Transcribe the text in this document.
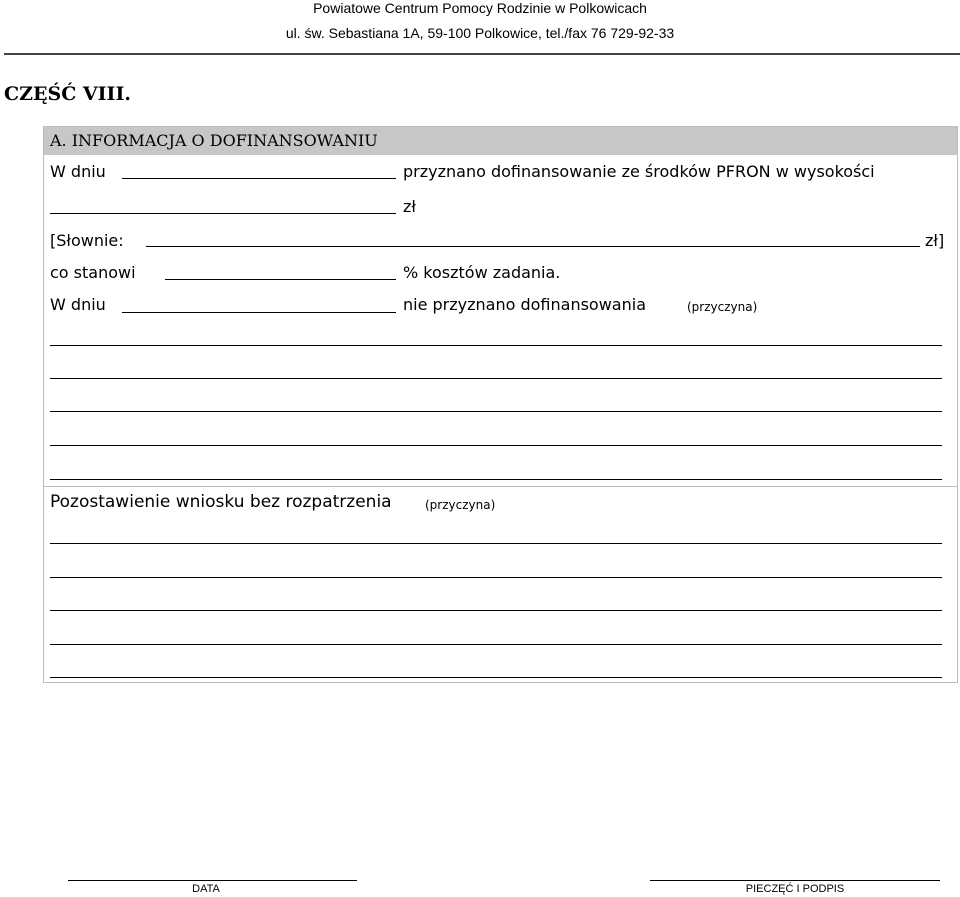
Powiatowe Centrum Pomocy Rodzinie w Polkowicach
ul. św. Sebastiana 1A, 59-100 Polkowice, tel./fax 76 729-92-33
CZĘŚĆ VIII.
A. INFORMACJA O DOFINANSOWANIU
W dniu	przyznano dofinansowanie ze środków PFRON w wysokości
zł
[Słownie:	zł]
co stanowi	% kosztów zadania.
W dniu	nie przyznano dofinansowania	(przyczyna)
Pozostawienie wniosku bez rozpatrzenia	(przyczyna)
DATA	PIECZĘĆ I PODPIS
